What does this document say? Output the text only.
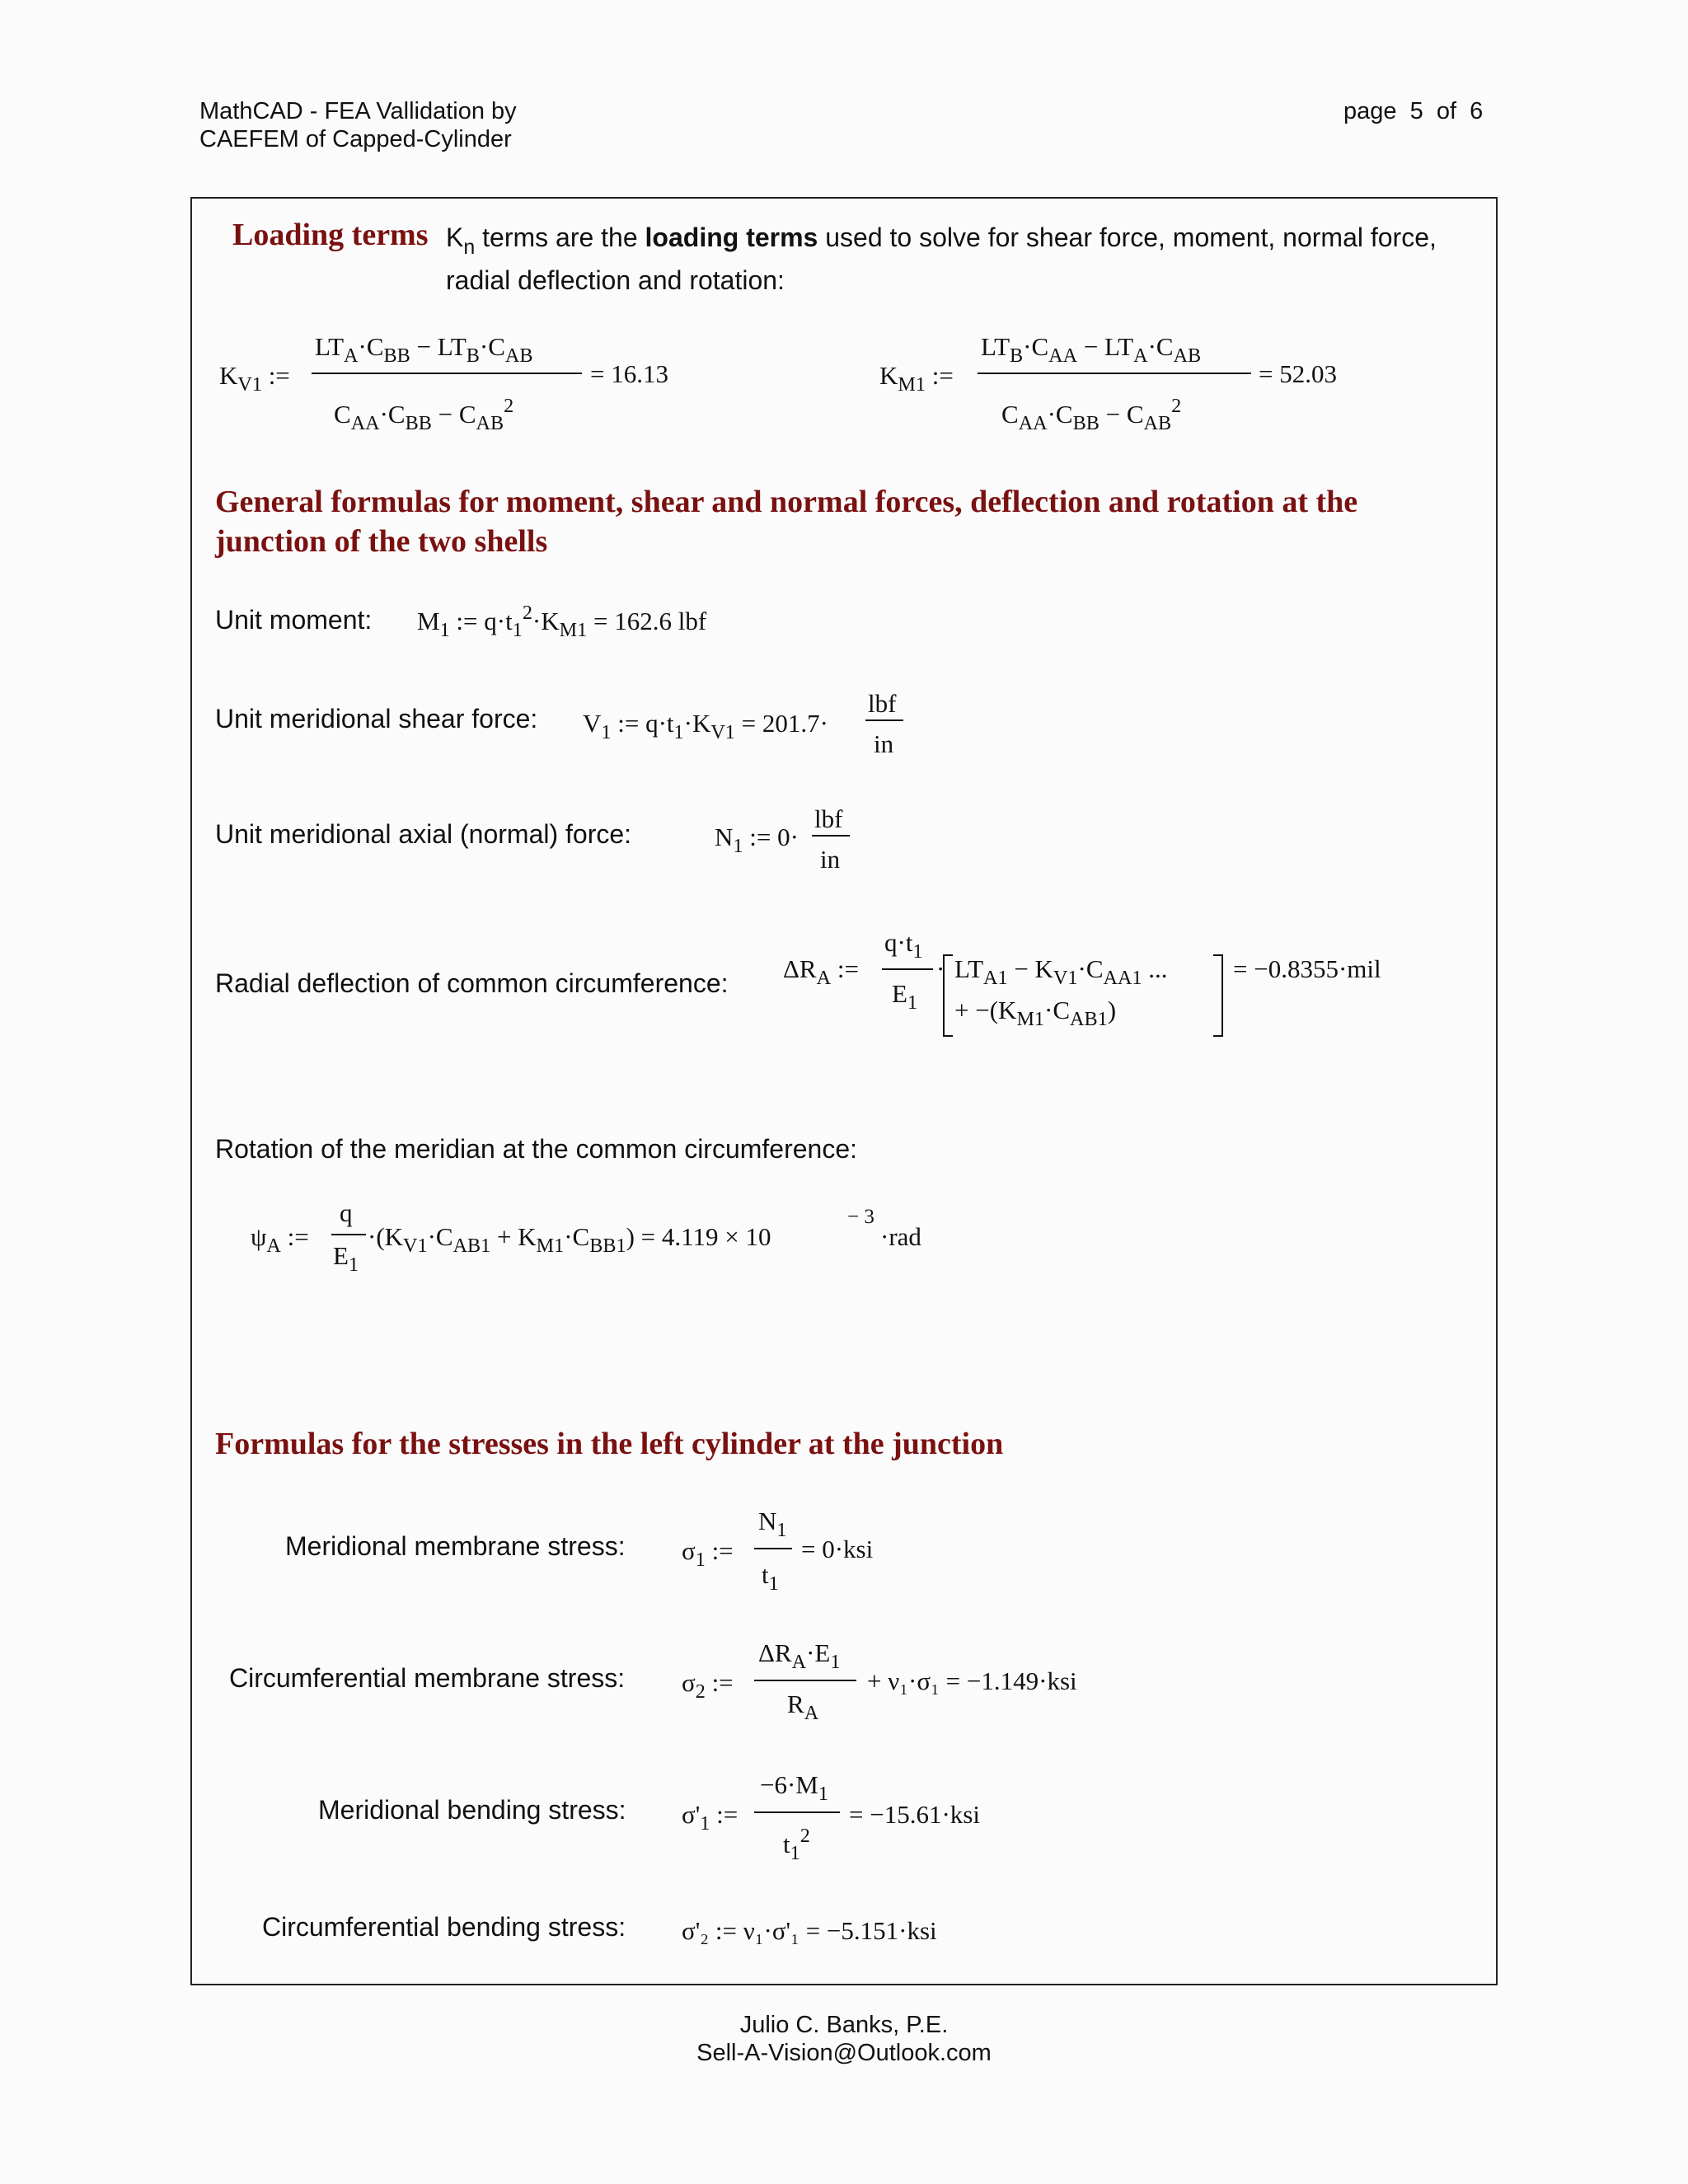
MathCAD - FEA Vallidation by
CAEFEM of Capped-Cylinder
page  5  of  6
Loading terms $K_n$ terms are the loading terms used to solve for shear force, moment, normal force,
radial deflection and rotation:
$K_{V1}$ :=
$LT_A\cdot C_{BB} - LT_B\cdot C_{AB}$
$C_{AA}\cdot C_{BB} - C_{AB}^2$
= 16.13	$K_{M1}$ :=
$LT_B\cdot C_{AA} - LT_A\cdot C_{AB}$
$C_{AA}\cdot C_{BB} - C_{AB}^2$
= 52.03
General formulas for moment, shear and normal forces, deflection and rotation at the
junction of the two shells
Unit moment: $M_1$ := $q\cdot t_1^2\cdot K_{M1} = 162.6$ lbf
Unit meridional shear force: $V_1$ := $q\cdot t_1\cdot K_{V1} = 201.7\cdot$
lbf
in
Unit meridional axial (normal) force:	$N_1$ := 0·
lbf
in
Radial deflection of common circumference: $\Delta R_A$ :=
$q\cdot t_1$
$E_1$
· $LT_{A1} - K_{V1}\cdot C_{AA1}$ ...
+ $-(K_{M1}\cdot C_{AB1})$
= −0.8355·mil
Rotation of the meridian at the common circumference:
$\psi_A$ :=
q
$E_1$
$\cdot(K_{V1}\cdot C_{AB1} + K_{M1}\cdot C_{BB1}) = 4.119 \times 10$
− 3
·rad
Formulas for the stresses in the left cylinder at the junction
Meridional membrane stress: $\sigma_1$ :=
$N_1$
$t_1$
= 0·ksi
Circumferential membrane stress: $\sigma_2$ :=
$\Delta R_A\cdot E_1$
$R_A$
+ ν₁·σ₁ = −1.149·ksi
Meridional bending stress: $\sigma'_1$ :=
$-6\cdot M_1$
$t_1^2$
= −15.61·ksi
Circumferential bending stress: σ'₂ := ν₁·σ'₁ = −5.151·ksi
Julio C. Banks, P.E.
Sell-A-Vision@Outlook.com
